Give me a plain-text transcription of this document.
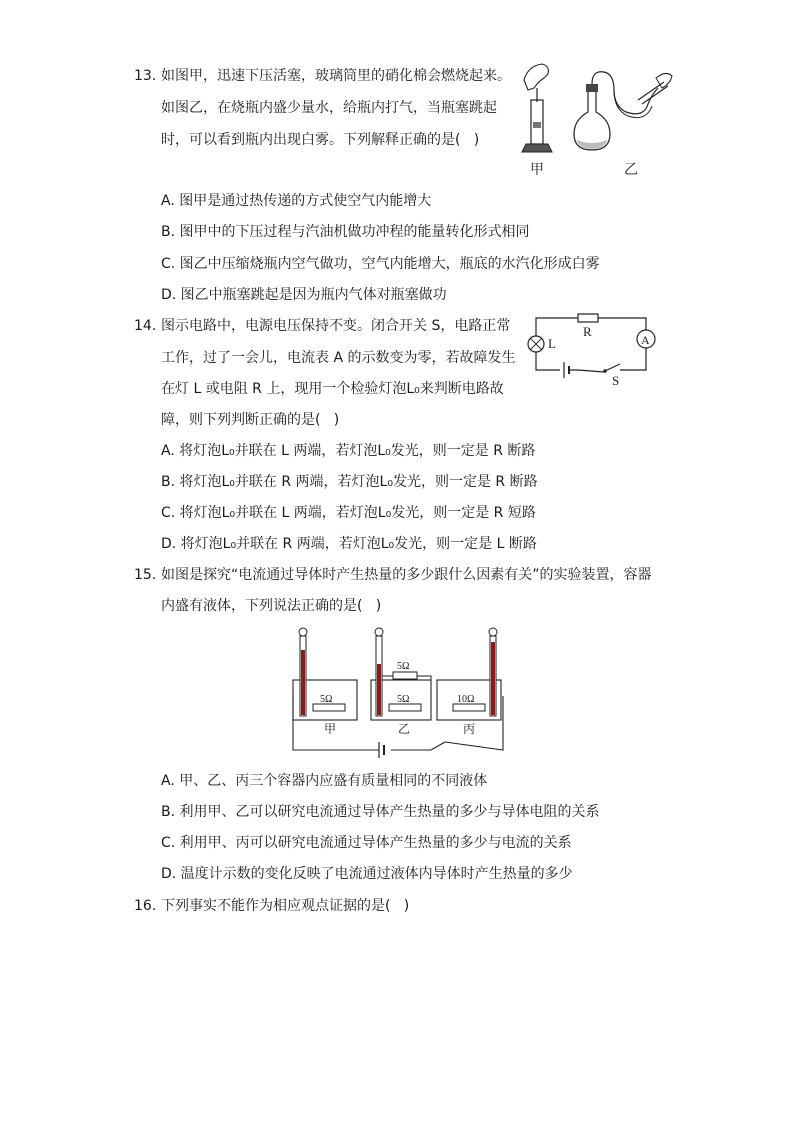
13. 如图甲，迅速下压活塞，玻璃筒里的硝化棉会燃烧起来。
如图乙，在烧瓶内盛少量水，给瓶内打气，当瓶塞跳起
时，可以看到瓶内出现白雾。下列解释正确的是(   )
甲	乙
A. 图甲是通过热传递的方式使空气内能增大
B. 图甲中的下压过程与汽油机做功冲程的能量转化形式相同
C. 图乙中压缩烧瓶内空气做功，空气内能增大，瓶底的水汽化形成白雾
D. 图乙中瓶塞跳起是因为瓶内气体对瓶塞做功
14. 图示电路中，电源电压保持不变。闭合开关 S，电路正常
工作，过了一会儿，电流表 A 的示数变为零，若故障发生
在灯 L 或电阻 R 上，现用一个检验灯泡L₀来判断电路故
障，则下列判断正确的是(   )
R
L	A
S
A. 将灯泡L₀并联在 L 两端，若灯泡L₀发光，则一定是 R 断路
B. 将灯泡L₀并联在 R 两端，若灯泡L₀发光，则一定是 R 断路
C. 将灯泡L₀并联在 L 两端，若灯泡L₀发光，则一定是 R 短路
D. 将灯泡L₀并联在 R 两端，若灯泡L₀发光，则一定是 L 断路
15. 如图是探究“电流通过导体时产生热量的多少跟什么因素有关”的实验装置，容器
内盛有液体，下列说法正确的是(   )
5Ω
甲
5Ω
乙
5Ω
10Ω
丙
A. 甲、乙、丙三个容器内应盛有质量相同的不同液体
B. 利用甲、乙可以研究电流通过导体产生热量的多少与导体电阻的关系
C. 利用甲、丙可以研究电流通过导体产生热量的多少与电流的关系
D. 温度计示数的变化反映了电流通过液体内导体时产生热量的多少
16. 下列事实不能作为相应观点证据的是(   )
